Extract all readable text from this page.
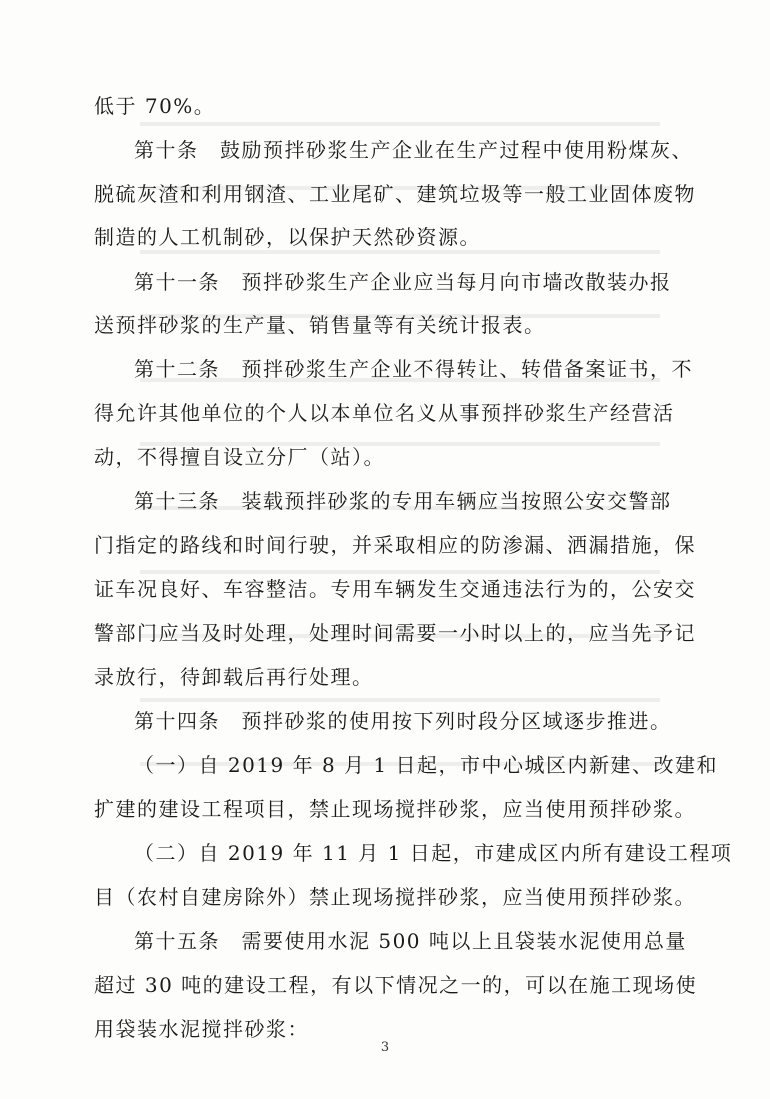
低于 70%。
第十条　鼓励预拌砂浆生产企业在生产过程中使用粉煤灰、
脱硫灰渣和利用钢渣、工业尾矿、建筑垃圾等一般工业固体废物
制造的人工机制砂，以保护天然砂资源。
第十一条　预拌砂浆生产企业应当每月向市墙改散装办报
送预拌砂浆的生产量、销售量等有关统计报表。
第十二条　预拌砂浆生产企业不得转让、转借备案证书，不
得允许其他单位的个人以本单位名义从事预拌砂浆生产经营活
动，不得擅自设立分厂（站）。
第十三条　装载预拌砂浆的专用车辆应当按照公安交警部
门指定的路线和时间行驶，并采取相应的防渗漏、洒漏措施，保
证车况良好、车容整洁。专用车辆发生交通违法行为的，公安交
警部门应当及时处理，处理时间需要一小时以上的，应当先予记
录放行，待卸载后再行处理。
第十四条　预拌砂浆的使用按下列时段分区域逐步推进。
（一）自 2019 年 8 月 1 日起，市中心城区内新建、改建和
扩建的建设工程项目，禁止现场搅拌砂浆，应当使用预拌砂浆。
（二）自 2019 年 11 月 1 日起，市建成区内所有建设工程项
目（农村自建房除外）禁止现场搅拌砂浆，应当使用预拌砂浆。
第十五条　需要使用水泥 500 吨以上且袋装水泥使用总量
超过 30 吨的建设工程，有以下情况之一的，可以在施工现场使
用袋装水泥搅拌砂浆：
3
